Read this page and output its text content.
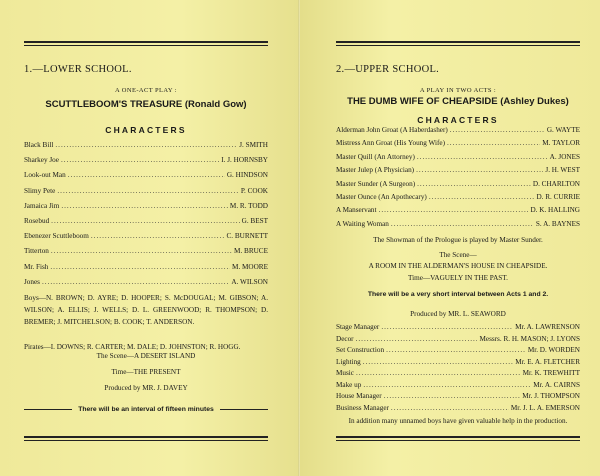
1.—LOWER SCHOOL.
A ONE-ACT PLAY :
SCUTTLEBOOM'S TREASURE (Ronald Gow)
CHARACTERS
Black Bill .....	J. SMITH
Sharkey Joe .....	I. J. HORNSBY
Look-out Man .....	G. HINDSON
Slimy Pete .....	P. COOK
Jamaica Jim .....	M. R. TODD
Rosebud .....	G. BEST
Ebenezer Scuttleboom .....	C. BURNETT
Titterton .....	M. BRUCE
Mr. Fish .....	M. MOORE
Jones .....	A. WILSON
Boys—N. BROWN; D. AYRE; D. HOOPER; S. McDOUGAL; M. GIBSON; A. WILSON; A. ELLIS; J. WELLS; D. L. GREENWOOD; R. THOMPSON; D. BREMER; J. MITCHELSON; B. COOK; T. ANDERSON.
Pirates—I. DOWNS; R. CARTER; M. DALE; D. JOHNSTON; R. HOGG.
The Scene—A DESERT ISLAND
Time—THE PRESENT
Produced by MR. J. DAVEY
There will be an interval of fifteen minutes
2.—UPPER SCHOOL.
A PLAY IN TWO ACTS :
THE DUMB WIFE OF CHEAPSIDE (Ashley Dukes)
CHARACTERS
Alderman John Groat (A Haberdasher) .....	G. WAYTE
Mistress Ann Groat (His Young Wife) .....	M. TAYLOR
Master Quill (An Attorney) .....	A. JONES
Master Julep (A Physician) .....	J. H. WEST
Master Sunder (A Surgeon) .....	D. CHARLTON
Master Ounce (An Apothecary) .....	D. R. CURRIE
A Manservant .....	D. K. HALLING
A Waiting Woman .....	S. A. BAYNES
The Showman of the Prologue is played by Master Sunder.
The Scene—
A ROOM IN THE ALDERMAN'S HOUSE IN CHEAPSIDE.
Time—VAGUELY IN THE PAST.
There will be a very short interval between Acts 1 and 2.
Produced by MR. L. SEAWORD
Stage Manager .....	Mr. A. LAWRENSON
Decor .....	Messrs. R. H. MASON; J. LYONS
Set Construction .....	Mr. D. WORDEN
Lighting .....	Mr. E. A. FLETCHER
Music .....	Mr. K. TREWHITT
Make up .....	Mr. A. CAIRNS
House Manager .....	Mr. J. THOMPSON
Business Manager .....	Mr. J. L. A. EMERSON
In addition many unnamed boys have given valuable help in the production.
